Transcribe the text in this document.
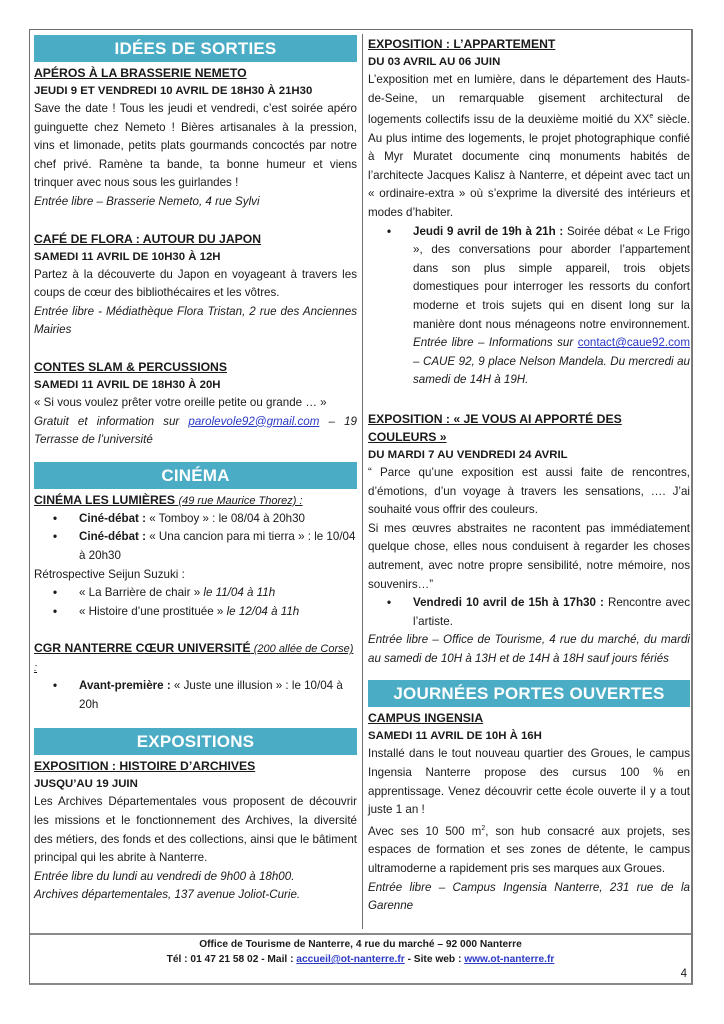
IDÉES DE SORTIES
APÉROS À LA BRASSERIE NEMETO
JEUDI 9 ET VENDREDI 10 AVRIL DE 18H30 À 21H30

Save the date ! Tous les jeudi et vendredi, c’est soirée apéro guinguette chez Nemeto ! Bières artisanales à la pression, vins et limonade, petits plats gourmands concoctés par notre chef privé. Ramène ta bande, ta bonne humeur et viens trinquer avec nous sous les guirlandes !

Entrée libre – Brasserie Nemeto, 4 rue Sylvi

CAFÉ DE FLORA : AUTOUR DU JAPON
SAMEDI 11 AVRIL DE 10H30 À 12H

Partez à la découverte du Japon en voyageant à travers les coups de cœur des bibliothécaires et les vôtres.

Entrée libre - Médiathèque Flora Tristan, 2 rue des Anciennes Mairies

CONTES SLAM & PERCUSSIONS
SAMEDI 11 AVRIL DE 18H30 À 20H

« Si vous voulez prêter votre oreille petite ou grande … »

Gratuit et information sur parolevole92@gmail.com – 19 Terrasse de l’université

CINÉMA
CINÉMA LES LUMIÈRES (49 rue Maurice Thorez) :
• Ciné-débat : « Tomboy » : le 08/04 à 20h30
• Ciné-débat : « Una cancion para mi tierra » : le 10/04 à 20h30

Rétrospective Seijun Suzuki :

• « La Barrière de chair » le 11/04 à 11h
• « Histoire d’une prostituée » le 12/04 à 11h
CGR NANTERRE CŒUR UNIVERSITÉ (200 allée de Corse) :
• Avant-première : « Juste une illusion » : le 10/04 à 20h
EXPOSITIONS
EXPOSITION : HISTOIRE D’ARCHIVES
JUSQU’AU 19 JUIN

Les Archives Départementales vous proposent de découvrir les missions et le fonctionnement des Archives, la diversité des métiers, des fonds et des collections, ainsi que le bâtiment principal qui les abrite à Nanterre.

Entrée libre du lundi au vendredi de 9h00 à 18h00.

Archives départementales, 137 avenue Joliot-Curie.

EXPOSITION : L’APPARTEMENT
DU 03 AVRIL AU 06 JUIN

L’exposition met en lumière, dans le département des Hauts-de-Seine, un remarquable gisement architectural de logements collectifs issu de la deuxième moitié du XXe siècle. Au plus intime des logements, le projet photographique confié à Myr Muratet documente cinq monuments habités de l’architecte Jacques Kalisz à Nanterre, et dépeint avec tact un « ordinaire-extra » où s’exprime la diversité des intérieurs et modes d’habiter.

• Jeudi 9 avril de 19h à 21h : Soirée débat « Le Frigo », des conversations pour aborder l’appartement dans son plus simple appareil, trois objets domestiques pour interroger les ressorts du confort moderne et trois sujets qui en disent long sur la manière dont nous ménageons notre environnement. Entrée libre – Informations sur contact@caue92.com – CAUE 92, 9 place Nelson Mandela. Du mercredi au samedi de 14H à 19H.
EXPOSITION : « JE VOUS AI APPORTÉ DES
COULEURS »
DU MARDI 7 AU VENDREDI 24 AVRIL

“ Parce qu’une exposition est aussi faite de rencontres, d’émotions, d’un voyage à travers les sensations, …. J’ai souhaité vous offrir des couleurs.

Si mes œuvres abstraites ne racontent pas immédiatement quelque chose, elles nous conduisent à regarder les choses autrement, avec notre propre sensibilité, notre mémoire, nos souvenirs…”

• Vendredi 10 avril de 15h à 17h30 : Rencontre avec l’artiste.

Entrée libre – Office de Tourisme, 4 rue du marché, du mardi au samedi de 10H à 13H et de 14H à 18H sauf jours fériés

JOURNÉES PORTES OUVERTES
CAMPUS INGENSIA
SAMEDI 11 AVRIL DE 10H À 16H

Installé dans le tout nouveau quartier des Groues, le campus Ingensia Nanterre propose des cursus 100 % en apprentissage. Venez découvrir cette école ouverte il y a tout juste 1 an !

Avec ses 10 500 $m^2$, son hub consacré aux projets, ses espaces de formation et ses zones de détente, le campus ultramoderne a rapidement pris ses marques aux Groues.

Entrée libre – Campus Ingensia Nanterre, 231 rue de la Garenne

Office de Tourisme de Nanterre, 4 rue du marché – 92 000 Nanterre
Tél : 01 47 21 58 02 - Mail : accueil@ot-nanterre.fr - Site web : www.ot-nanterre.fr
4
